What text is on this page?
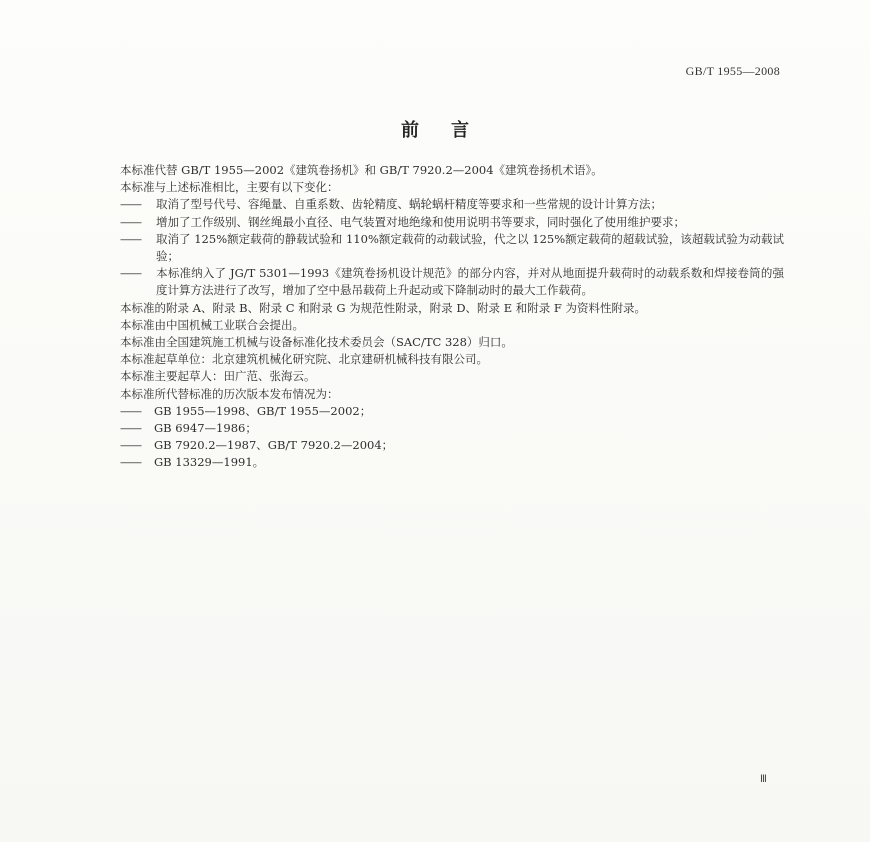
GB/T 1955—2008
前言

本标准代替 GB/T 1955—2002《建筑卷扬机》和 GB/T 7920.2—2004《建筑卷扬机术语》。

本标准与上述标准相比，主要有以下变化：

—— 取消了型号代号、容绳量、自重系数、齿轮精度、蜗轮蜗杆精度等要求和一些常规的设计计算方法；

—— 增加了工作级别、钢丝绳最小直径、电气装置对地绝缘和使用说明书等要求，同时强化了使用维护要求；

—— 取消了 125%额定载荷的静载试验和 110%额定载荷的动载试验，代之以 125%额定载荷的超载试验，该超载试验为动载试验；

—— 本标准纳入了 JG/T 5301—1993《建筑卷扬机设计规范》的部分内容，并对从地面提升载荷时的动载系数和焊接卷筒的强度计算方法进行了改写，增加了空中悬吊载荷上升起动或下降制动时的最大工作载荷。

本标准的附录 A、附录 B、附录 C 和附录 G 为规范性附录，附录 D、附录 E 和附录 F 为资料性附录。

本标准由中国机械工业联合会提出。

本标准由全国建筑施工机械与设备标准化技术委员会（SAC/TC 328）归口。

本标准起草单位：北京建筑机械化研究院、北京建研机械科技有限公司。

本标准主要起草人：田广范、张海云。

本标准所代替标准的历次版本发布情况为：

—— GB 1955—1998、GB/T 1955—2002；

—— GB 6947—1986；

—— GB 7920.2—1987、GB/T 7920.2—2004；

—— GB 13329—1991。

Ⅲ
